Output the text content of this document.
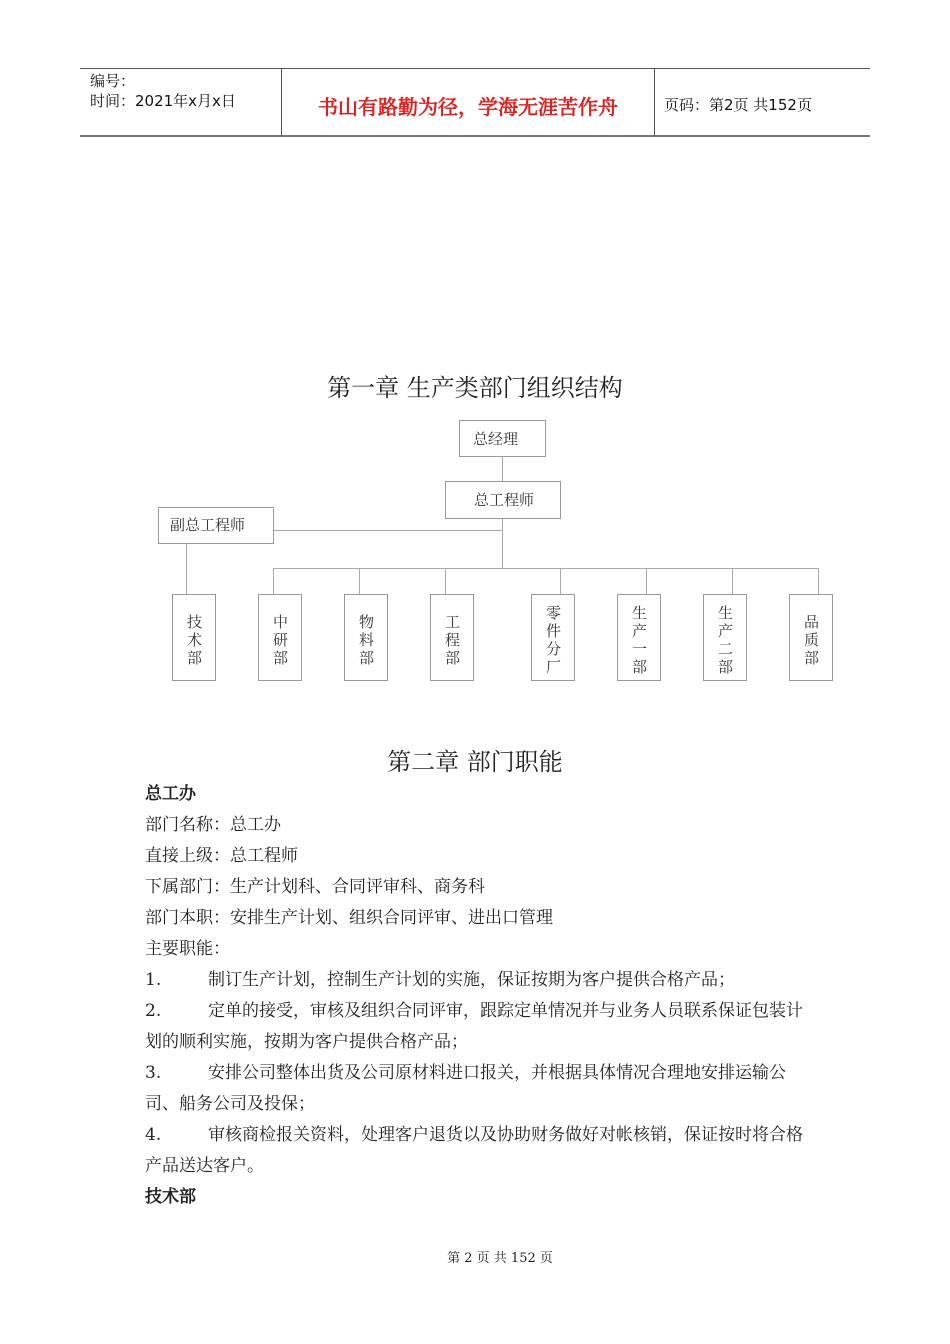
编号：
时间：2021年x月x日	书山有路勤为径，学海无涯苦作舟	页码：第2页 共152页
第一章 生产类部门组织结构
总经理
总工程师
副总工程师
技术部	中研部	物料部	工程部	零件分厂	生产一部	生产二部	品质部
第二章 部门职能
总工办
部门名称：总工办
直接上级：总工程师
下属部门：生产计划科、合同评审科、商务科
部门本职：安排生产计划、组织合同评审、进出口管理
主要职能：
1.	制订生产计划，控制生产计划的实施，保证按期为客户提供合格产品；
2.	定单的接受，审核及组织合同评审，跟踪定单情况并与业务人员联系保证包装计划的顺利实施，按期为客户提供合格产品；
3.	安排公司整体出货及公司原材料进口报关，并根据具体情况合理地安排运输公司、船务公司及投保；
4.	审核商检报关资料，处理客户退货以及协助财务做好对帐核销，保证按时将合格产品送达客户。
技术部
第 2 页 共 152 页
